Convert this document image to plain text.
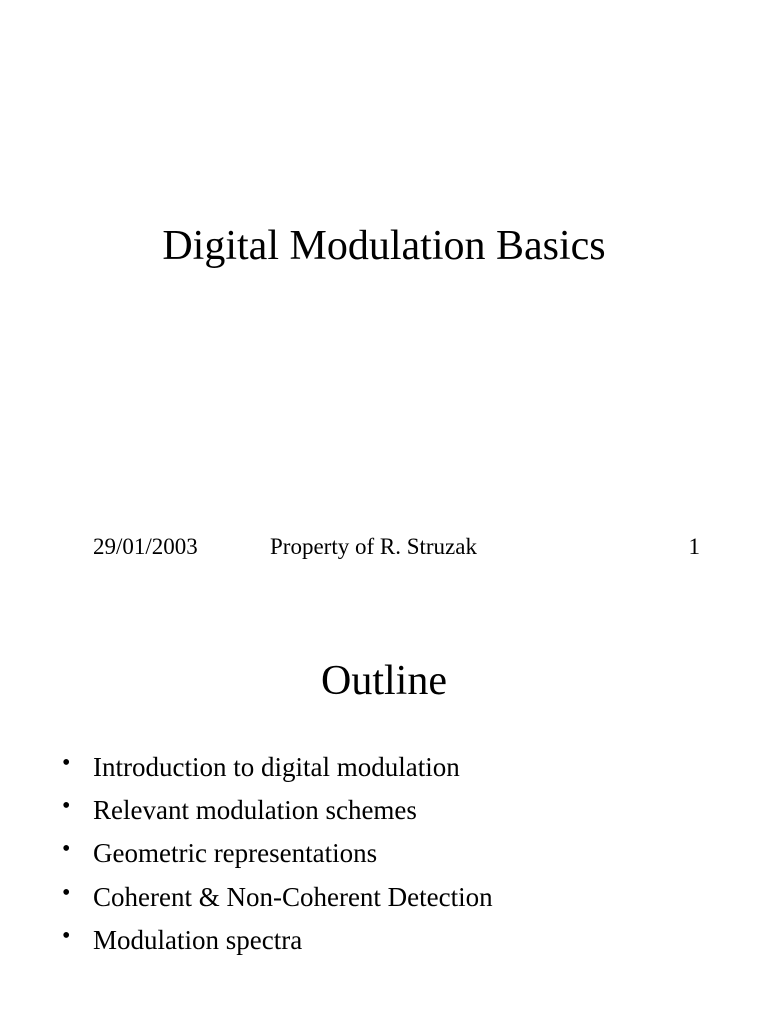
Digital Modulation Basics
29/01/2003	Property of R. Struzak	1
Outline
• Introduction to digital modulation
• Relevant modulation schemes
• Geometric representations
• Coherent & Non-Coherent Detection
• Modulation spectra
